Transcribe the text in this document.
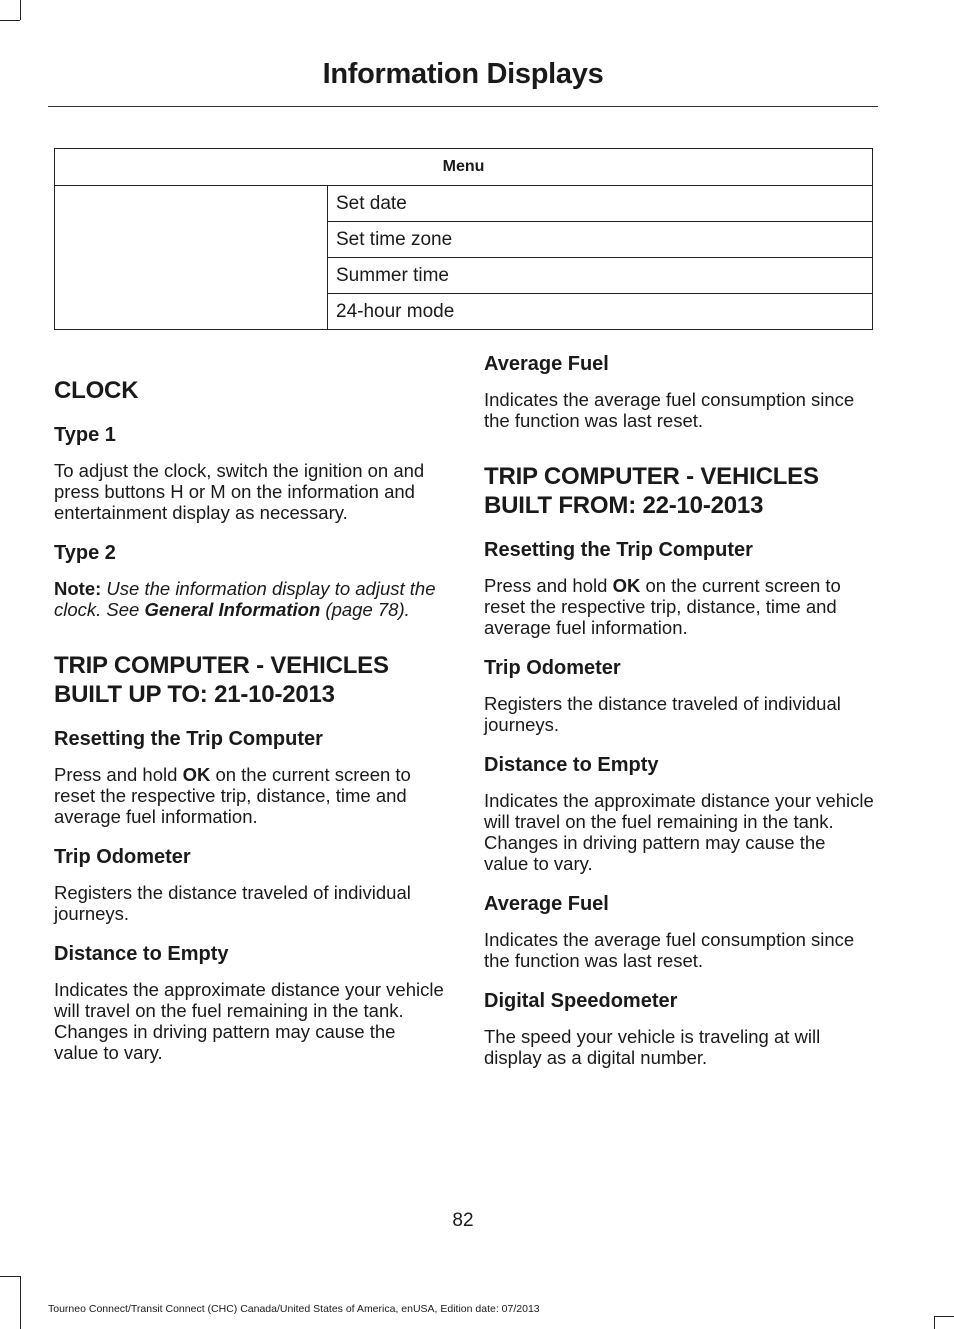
Information Displays
Menu
	Set date
Set time zone
Summer time
24-hour mode
CLOCK
Type 1

To adjust the clock, switch the ignition on and press buttons H or M on the information and entertainment display as necessary.

Type 2

Note: Use the information display to adjust the clock. See General Information (page 78).

TRIP COMPUTER - VEHICLES BUILT UP TO: 21-10-2013
Resetting the Trip Computer

Press and hold OK on the current screen to reset the respective trip, distance, time and average fuel information.

Trip Odometer

Registers the distance traveled of individual journeys.

Distance to Empty

Indicates the approximate distance your vehicle will travel on the fuel remaining in the tank. Changes in driving pattern may cause the value to vary.

Average Fuel

Indicates the average fuel consumption since the function was last reset.

TRIP COMPUTER - VEHICLES BUILT FROM: 22-10-2013
Resetting the Trip Computer

Press and hold OK on the current screen to reset the respective trip, distance, time and average fuel information.

Trip Odometer

Registers the distance traveled of individual journeys.

Distance to Empty

Indicates the approximate distance your vehicle will travel on the fuel remaining in the tank. Changes in driving pattern may cause the value to vary.

Average Fuel

Indicates the average fuel consumption since the function was last reset.

Digital Speedometer

The speed your vehicle is traveling at will display as a digital number.

82
Tourneo Connect/Transit Connect (CHC) Canada/United States of America, enUSA, Edition date: 07/2013
